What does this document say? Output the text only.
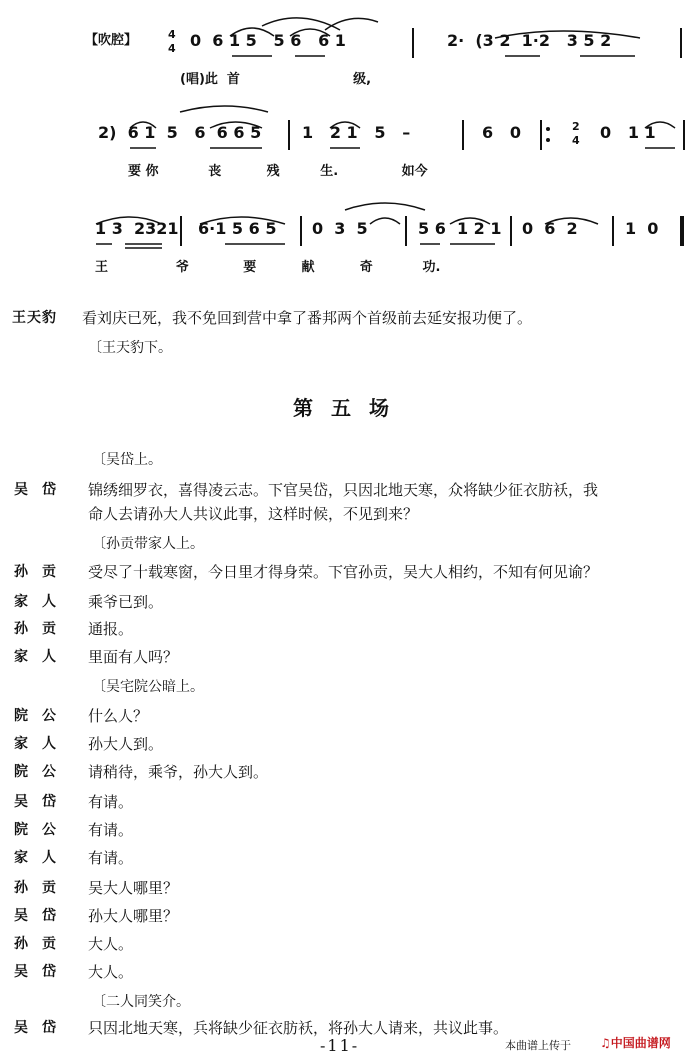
【吹腔】	4
4 0  6 1 5   5 6   6 1	2·  (3 2  1·2   3 5 2
(唱)此  首                         级,
2)  6 1  5   6  6 6 5	1   2 1   5   –	6   0	2
4 0   1 1
要 你           丧          残         生.              如今
1 3  2321 6·1 5 6 5 0  3  5	5 6  1 2 1 0  6  2	1  0
王               爷            要          献          奇           功.
王天豹 看刘庆已死，我不免回到营中拿了番邦两个首级前去延安报功便了。
〔王天豹下。
第五场
〔吴岱上。
吴岱 锦绣细罗衣，喜得凌云志。下官吴岱，只因北地天寒，众将缺少征衣肪袄，我
命人去请孙大人共议此事，这样时候，不见到来？
〔孙贡带家人上。
孙贡 受尽了十载寒窗，今日里才得身荣。下官孙贡，吴大人相约，不知有何见谕？
家人 乘爷已到。
孙贡 通报。
家人 里面有人吗？
〔吴宅院公暗上。
院公 什么人？
家人 孙大人到。
院公 请稍待，乘爷，孙大人到。
吴岱 有请。
院公 有请。
家人 有请。
孙贡 吴大人哪里？
吴岱 孙大人哪里？
孙贡 大人。
吴岱 大人。
〔二人同笑介。
吴岱 只因北地天寒，兵将缺少征衣肪袄，将孙大人请来，共议此事。
-11-	本曲谱上传于 ♫中国曲谱网
